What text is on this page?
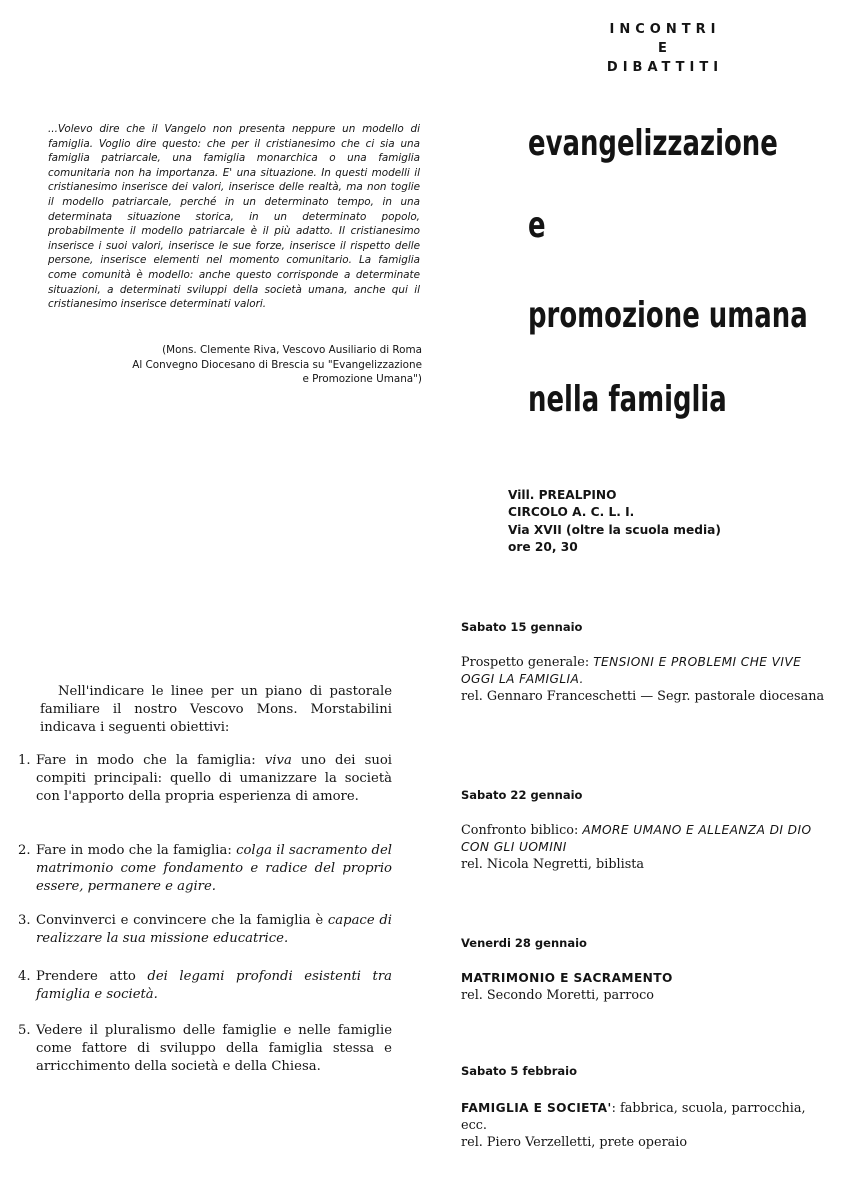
INCONTRI
E
DIBATTITI
...Volevo dire che il Vangelo non presenta neppure un modello di famiglia. Voglio dire questo: che per il cristianesimo che ci sia una famiglia patriarcale, una famiglia monarchica o una famiglia comunitaria non ha importanza. E' una situazione. In questi modelli il cristianesimo inserisce dei valori, inserisce delle realtà, ma non toglie il modello patriarcale, perché in un determinato tempo, in una determinata situazione storica, in un determinato popolo, probabilmente il modello patriarcale è il più adatto. Il cristianesimo inserisce i suoi valori, inserisce le sue forze, inserisce il rispetto delle persone, inserisce elementi nel momento comunitario. La famiglia come comunità è modello: anche questo corrisponde a determinate situazioni, a determinati sviluppi della società umana, anche qui il cristianesimo inserisce determinati valori.
(Mons. Clemente Riva, Vescovo Ausiliario di Roma
Al Convegno Diocesano di Brescia su "Evangelizzazione
e Promozione Umana")
evangelizzazione
e
promozione umana
nella famiglia
Vill. PREALPINO
CIRCOLO A. C. L. I.
Via XVII (oltre la scuola media)
ore 20, 30
Nell'indicare le linee per un piano di pastorale familiare il nostro Vescovo Mons. Morstabilini indicava i seguenti obiettivi:
1. Fare in modo che la famiglia: viva uno dei suoi compiti principali: quello di umanizzare la società con l'apporto della propria esperienza di amore.
2. Fare in modo che la famiglia: colga il sacramento del matrimonio come fondamento e radice del proprio essere, permanere e agire.
3. Convinverci e convincere che la famiglia è capace di realizzare la sua missione educatrice.
4. Prendere atto dei legami profondi esistenti tra famiglia e società.
5. Vedere il pluralismo delle famiglie e nelle famiglie come fattore di sviluppo della famiglia stessa e arricchimento della società e della Chiesa.
Sabato 15 gennaio
Prospetto generale: TENSIONI E PROBLEMI CHE VIVE OGGI LA FAMIGLIA.
rel. Gennaro Franceschetti — Segr. pastorale diocesana
Sabato 22 gennaio
Confronto biblico: AMORE UMANO E ALLEANZA DI DIO CON GLI UOMINI
rel. Nicola Negretti, biblista
Venerdi 28 gennaio
MATRIMONIO E SACRAMENTO
rel. Secondo Moretti, parroco
Sabato 5 febbraio
FAMIGLIA E SOCIETA': fabbrica, scuola, parrocchia, ecc.
rel. Piero Verzelletti, prete operaio
